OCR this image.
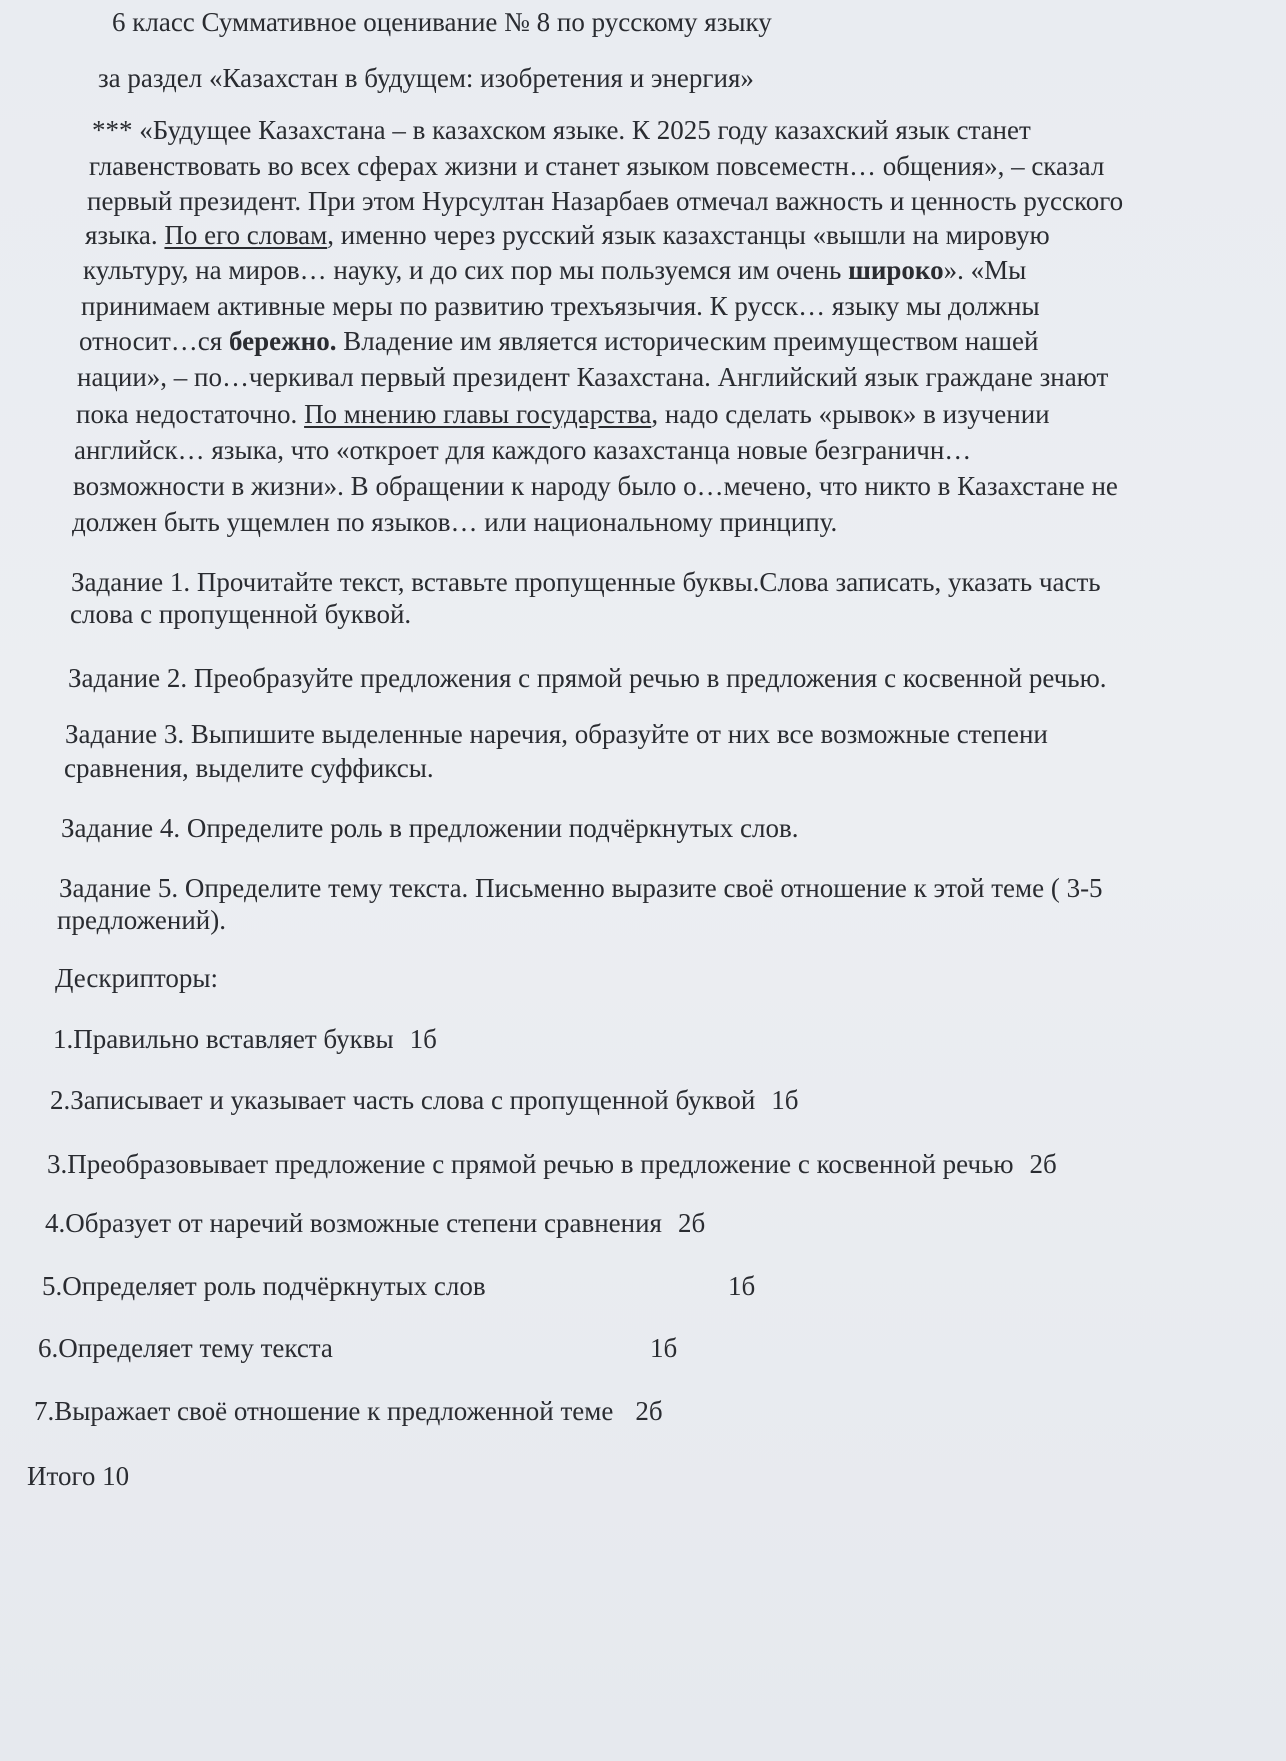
6 класс Суммативное оценивание № 8 по русскому языку
за раздел «Казахстан в будущем: изобретения и энергия»
*** «Будущее Казахстана – в казахском языке. К 2025 году казахский язык станет
главенствовать во всех сферах жизни и станет языком повсеместн… общения», – сказал
первый президент. При этом Нурсултан Назарбаев отмечал важность и ценность русского
языка. По его словам, именно через русский язык казахстанцы «вышли на мировую
культуру, на миров… науку, и до сих пор мы пользуемся им очень широко». «Мы
принимаем активные меры по развитию трехъязычия. К русск… языку мы должны
относит…ся бережно. Владение им является историческим преимуществом нашей
нации», – по…черкивал первый президент Казахстана. Английский язык граждане знают
пока недостаточно. По мнению главы государства, надо сделать «рывок» в изучении
английск… языка, что «откроет для каждого казахстанца новые безграничн…
возможности в жизни». В обращении к народу было о…мечено, что никто в Казахстане не
должен быть ущемлен по языков… или национальному принципу.
Задание 1. Прочитайте текст, вставьте пропущенные буквы.Слова записать, указать часть
слова с пропущенной буквой.
Задание 2. Преобразуйте предложения с прямой речью в предложения с косвенной речью.
Задание 3. Выпишите выделенные наречия, образуйте от них все возможные степени
сравнения, выделите суффиксы.
Задание 4. Определите роль в предложении подчёркнутых слов.
Задание 5. Определите тему текста. Письменно выразите своё отношение к этой теме ( 3-5
предложений).
Дескрипторы:
1.Правильно вставляет буквы 1б
2.Записывает и указывает часть слова с пропущенной буквой 1б
3.Преобразовывает предложение с прямой речью в предложение с косвенной речью 2б
4.Образует от наречий возможные степени сравнения 2б
5.Определяет роль подчёркнутых слов	1б
6.Определяет тему текста	1б
7.Выражает своё отношение к предложенной теме 2б
Итого 10
